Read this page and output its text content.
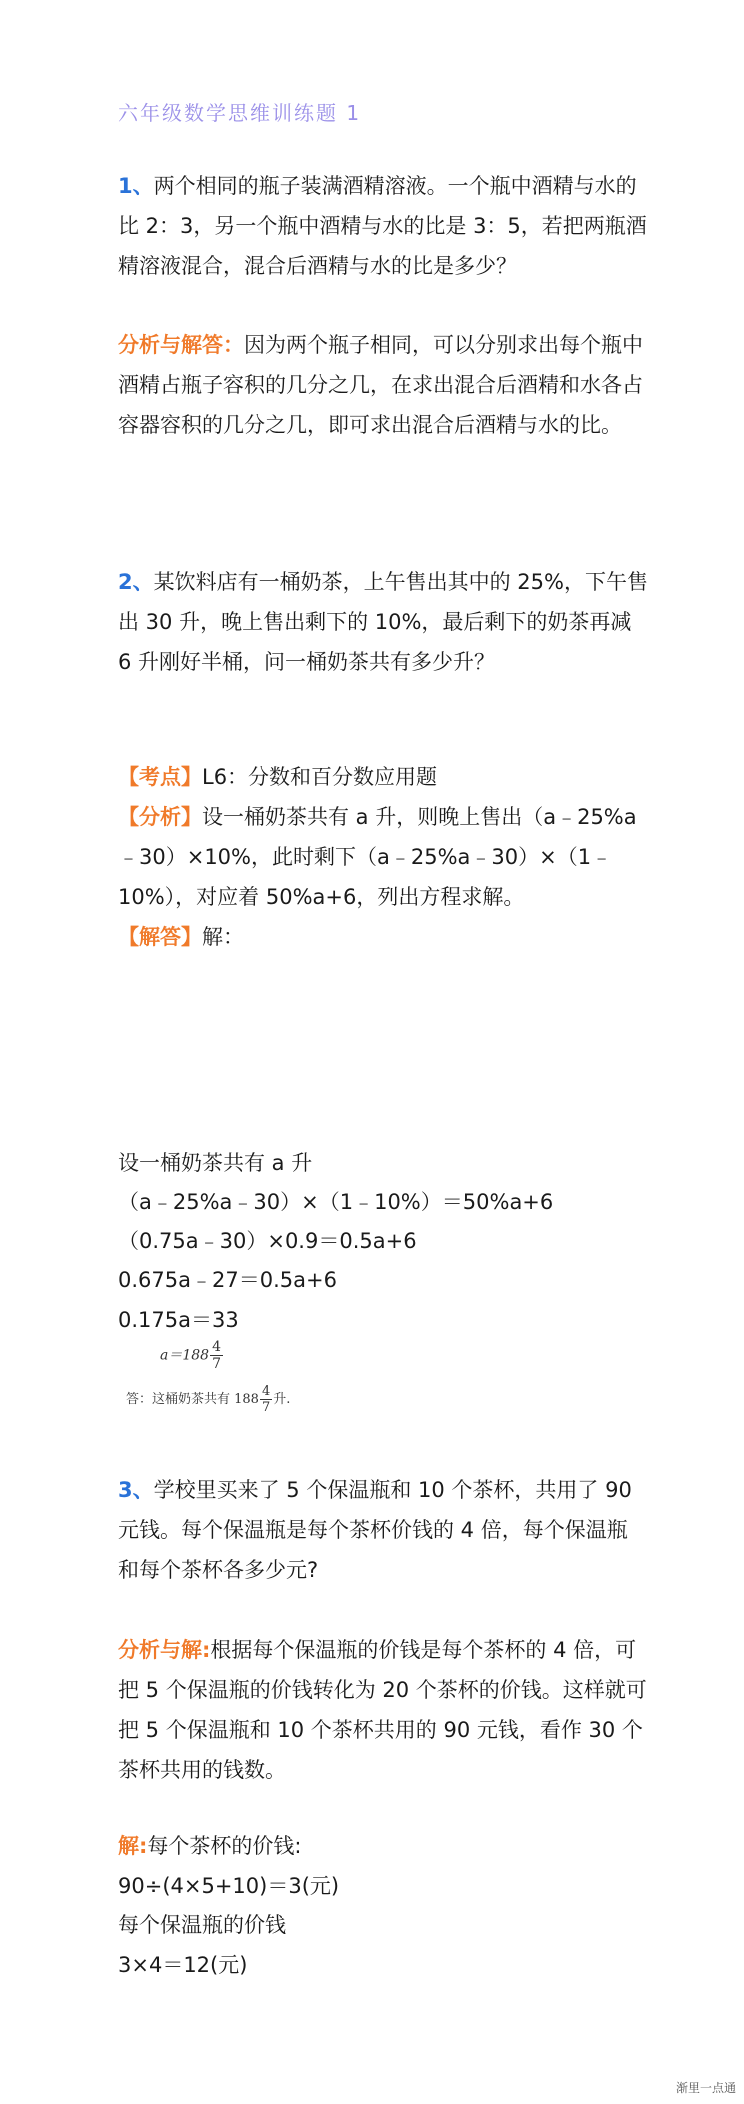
六年级数学思维训练题 1
1、两个相同的瓶子装满酒精溶液。一个瓶中酒精与水的比 2：3，另一个瓶中酒精与水的比是 3：5，若把两瓶酒精溶液混合，混合后酒精与水的比是多少？
分析与解答：因为两个瓶子相同，可以分别求出每个瓶中酒精占瓶子容积的几分之几，在求出混合后酒精和水各占容器容积的几分之几，即可求出混合后酒精与水的比。
2、某饮料店有一桶奶茶，上午售出其中的 25%，下午售出 30 升，晚上售出剩下的 10%，最后剩下的奶茶再减 6 升刚好半桶，问一桶奶茶共有多少升？
【考点】L6：分数和百分数应用题
【分析】设一桶奶茶共有 a 升，则晚上售出（a﹣25%a﹣30）×10%，此时剩下（a﹣25%a﹣30）×（1﹣10%），对应着 50%a+6，列出方程求解。
【解答】解：
设一桶奶茶共有 a 升
（a﹣25%a﹣30）×（1﹣10%）＝50%a+6
（0.75a﹣30）×0.9＝0.5a+6
0.675a﹣27＝0.5a+6
0.175a＝33
$a=188 \frac{4}{7}$
答：这桶奶茶共有 $188 \frac{4}{7}$ 升.
3、学校里买来了 5 个保温瓶和 10 个茶杯，共用了 90 元钱。每个保温瓶是每个茶杯价钱的 4 倍，每个保温瓶和每个茶杯各多少元?
分析与解:根据每个保温瓶的价钱是每个茶杯的 4 倍，可把 5 个保温瓶的价钱转化为 20 个茶杯的价钱。这样就可把 5 个保温瓶和 10 个茶杯共用的 90 元钱，看作 30 个茶杯共用的钱数。
解:每个茶杯的价钱:
90÷(4×5+10)＝3(元)
每个保温瓶的价钱
3×4＝12(元)
渐里一点通
